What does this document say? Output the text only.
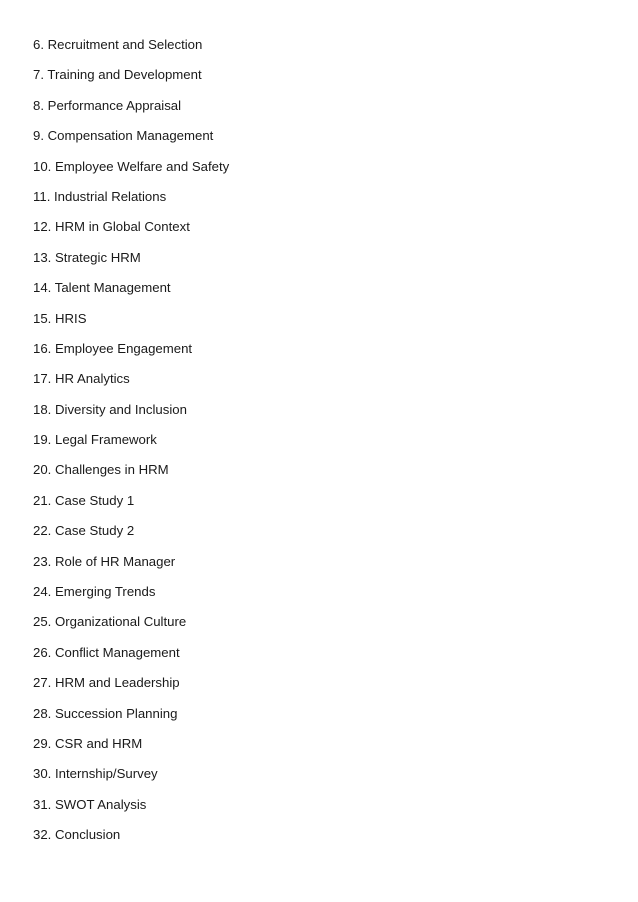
6. Recruitment and Selection
7. Training and Development
8. Performance Appraisal
9. Compensation Management
10. Employee Welfare and Safety
11. Industrial Relations
12. HRM in Global Context
13. Strategic HRM
14. Talent Management
15. HRIS
16. Employee Engagement
17. HR Analytics
18. Diversity and Inclusion
19. Legal Framework
20. Challenges in HRM
21. Case Study 1
22. Case Study 2
23. Role of HR Manager
24. Emerging Trends
25. Organizational Culture
26. Conflict Management
27. HRM and Leadership
28. Succession Planning
29. CSR and HRM
30. Internship/Survey
31. SWOT Analysis
32. Conclusion
